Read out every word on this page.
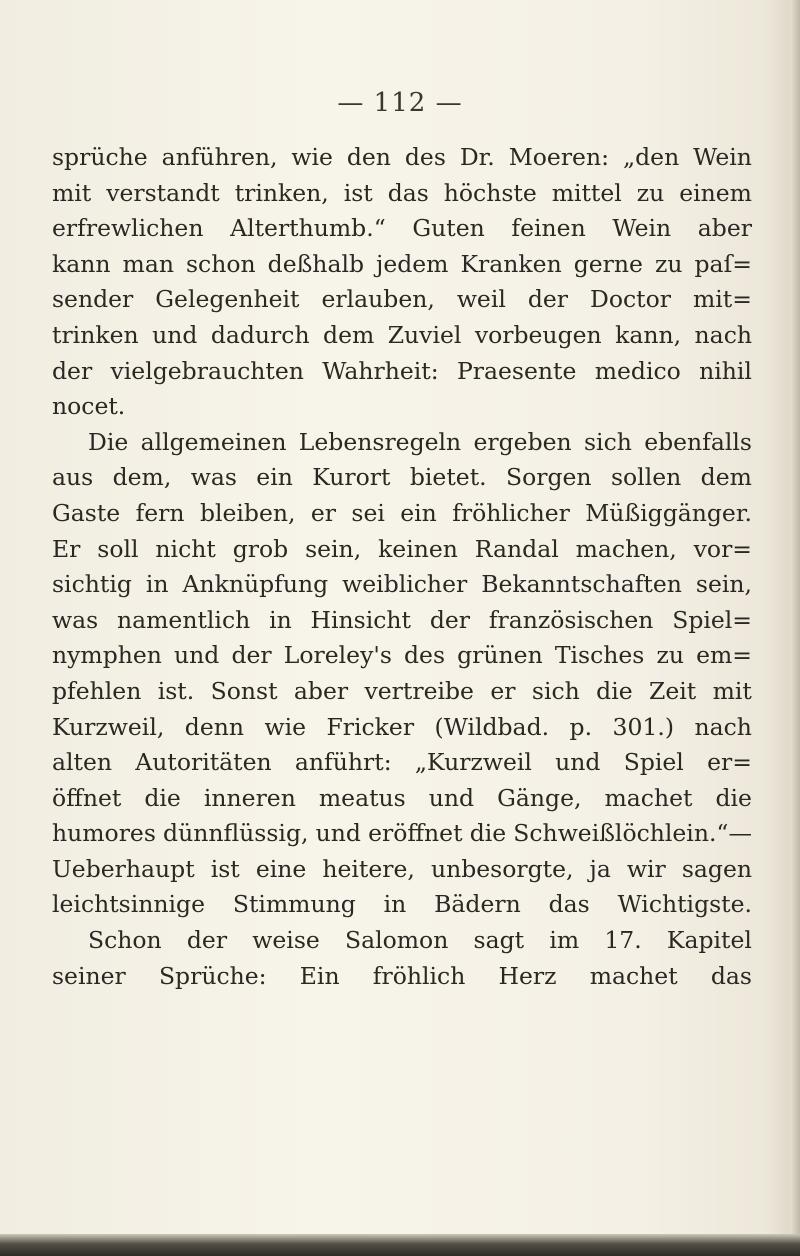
— 112 —
sprüche anführen, wie den des Dr. Moeren: „den Wein
mit verstandt trinken, ist das höchste mittel zu einem
erfrewlichen Alterthumb.“ Guten feinen Wein aber
kann man schon deßhalb jedem Kranken gerne zu paſ=
sender Gelegenheit erlauben, weil der Doctor mit=
trinken und dadurch dem Zuviel vorbeugen kann, nach
der vielgebrauchten Wahrheit: Praesente medico nihil
nocet.
Die allgemeinen Lebensregeln ergeben sich ebenfalls
aus dem, was ein Kurort bietet. Sorgen sollen dem
Gaste fern bleiben, er sei ein fröhlicher Müßiggänger.
Er soll nicht grob sein, keinen Randal machen, vor=
sichtig in Anknüpfung weiblicher Bekanntschaften sein,
was namentlich in Hinsicht der französischen Spiel=
nymphen und der Loreley's des grünen Tisches zu em=
pfehlen ist. Sonst aber vertreibe er sich die Zeit mit
Kurzweil, denn wie Fricker (Wildbad. p. 301.) nach
alten Autoritäten anführt: „Kurzweil und Spiel er=
öffnet die inneren meatus und Gänge, machet die
humores dünnflüssig, und eröffnet die Schweißlöchlein.“—
Ueberhaupt ist eine heitere, unbesorgte, ja wir sagen
leichtsinnige Stimmung in Bädern das Wichtigste.
Schon der weise Salomon sagt im 17. Kapitel
seiner Sprüche: Ein fröhlich Herz machet das
